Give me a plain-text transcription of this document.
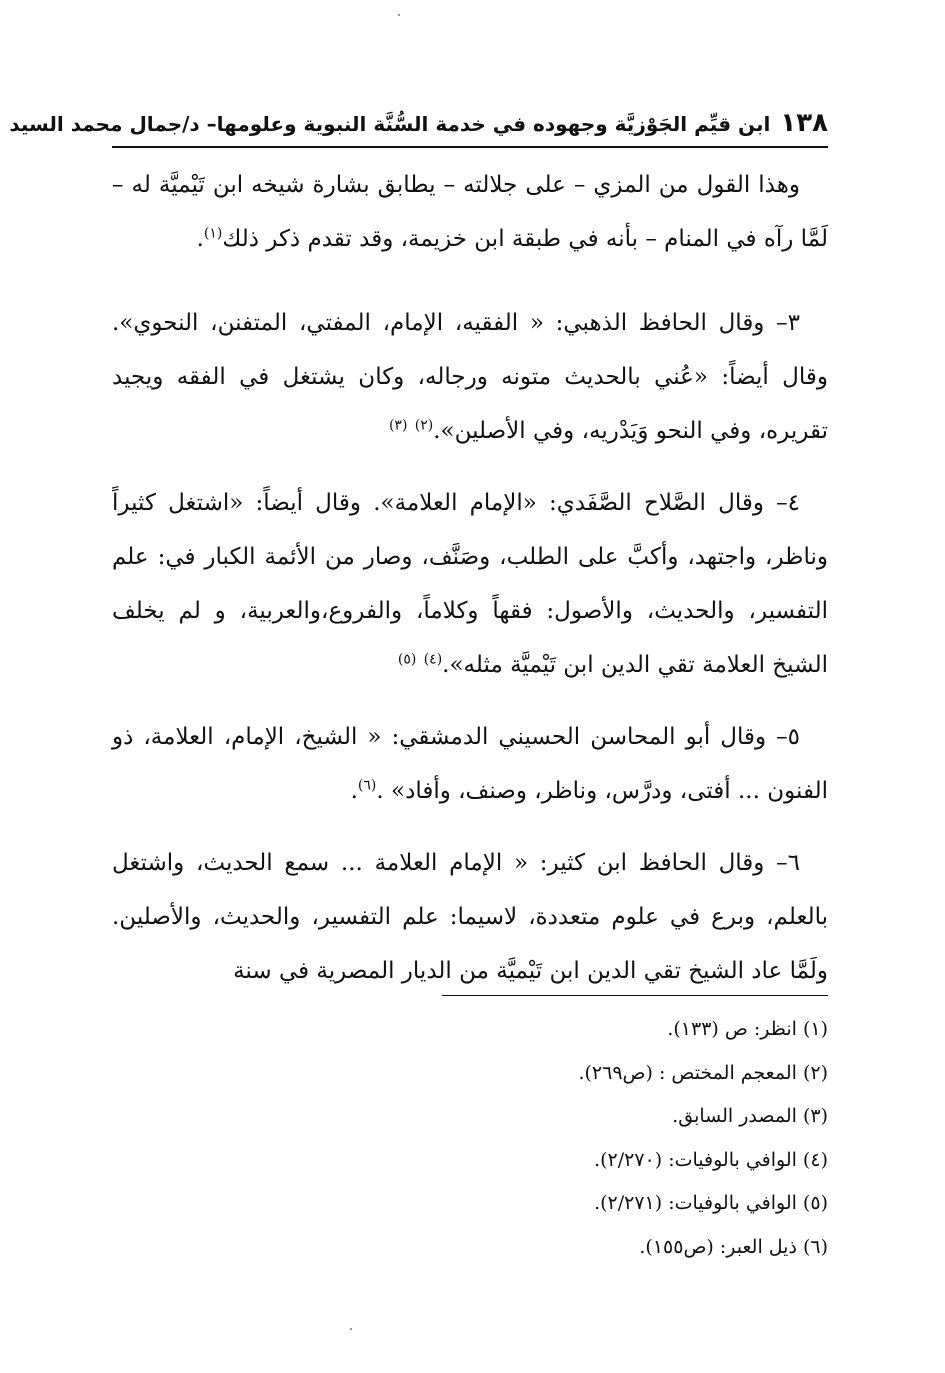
١٣٨
ابن قيِّم الجَوْزيَّة وجهوده في خدمة السُّنَّة النبوية وعلومها– د/جمال محمد السيد

وهذا القول من المزي – على جلالته – يطابق بشارة شيخه ابن تَيْميَّة له – لَمَّا رآه في المنام – بأنه في طبقة ابن خزيمة، وقد تقدم ذكر ذلك$^{(١)}$.

٣– وقال الحافظ الذهبي: « الفقيه، الإمام، المفتي، المتفنن، النحوي». وقال أيضاً: «عُني بالحديث متونه ورجاله، وكان يشتغل في الفقه ويجيد تقريره، وفي النحو وَيَدْريه، وفي الأصلين».$^{(٢)}$ $^{(٣)}$

٤– وقال الصَّلاح الصَّفَدي: «الإمام العلامة». وقال أيضاً: «اشتغل كثيراً وناظر، واجتهد، وأكبَّ على الطلب، وصَنَّف، وصار من الأئمة الكبار في: علم التفسير، والحديث، والأصول: فقهاً وكلاماً، والفروع،والعربية، و لم يخلف الشيخ العلامة تقي الدين ابن تَيْميَّة مثله».$^{(٤)}$ $^{(٥)}$

٥– وقال أبو المحاسن الحسيني الدمشقي: « الشيخ، الإمام، العلامة، ذو الفنون ... أفتى، ودرَّس، وناظر، وصنف، وأفاد» .$^{(٦)}$.

٦– وقال الحافظ ابن كثير: « الإمام العلامة ... سمع الحديث، واشتغل بالعلم، وبرع في علوم متعددة، لاسيما: علم التفسير، والحديث، والأصلين. ولَمَّا عاد الشيخ تقي الدين ابن تَيْميَّة من الديار المصرية في سنة

(١) انظر: ص (١٣٣).
(٢) المعجم المختص : (ص٢٦٩).
(٣) المصدر السابق.
(٤) الوافي بالوفيات: (٢/٢٧٠).
(٥) الوافي بالوفيات: (٢/٢٧١).
(٦) ذيل العبر: (ص١٥٥).
